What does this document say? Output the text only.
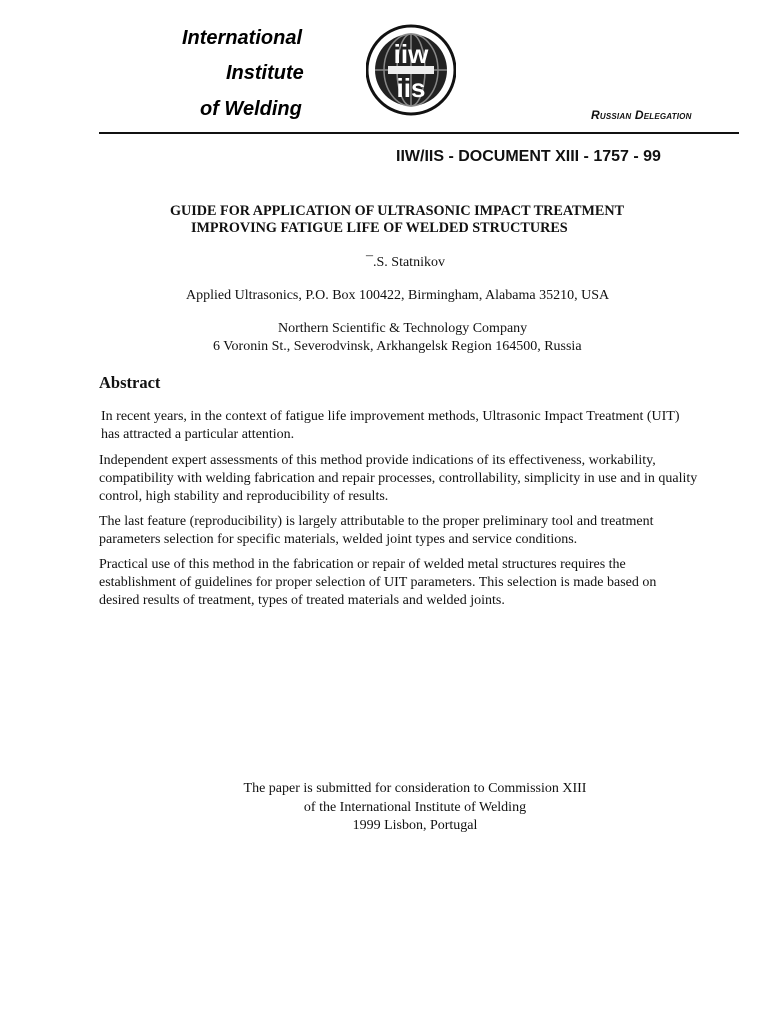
International
Institute
of Welding
iiw
iis
Russian Delegation
IIW/IIS - DOCUMENT XIII - 1757 - 99
GUIDE FOR APPLICATION OF ULTRASONIC IMPACT TREATMENT
IMPROVING FATIGUE LIFE OF WELDED STRUCTURES
¯.S. Statnikov
Applied Ultrasonics, P.O. Box 100422, Birmingham, Alabama 35210, USA
Northern Scientific & Technology Company
6 Voronin St., Severodvinsk, Arkhangelsk Region 164500, Russia
Abstract

In recent years, in the context of fatigue life improvement methods, Ultrasonic Impact Treatment (UIT) has attracted a particular attention.

Independent expert assessments of this method provide indications of its effectiveness, workability, compatibility with welding fabrication and repair processes, controllability, simplicity in use and in quality control, high stability and reproducibility of results.

The last feature (reproducibility) is largely attributable to the proper preliminary tool and treatment parameters selection for specific materials, welded joint types and service conditions.

Practical use of this method in the fabrication or repair of welded metal structures requires the establishment of guidelines for proper selection of UIT parameters. This selection is made based on desired results of treatment, types of treated materials and welded joints.

The paper is submitted for consideration to Commission XIII
of the International Institute of Welding
1999 Lisbon, Portugal
